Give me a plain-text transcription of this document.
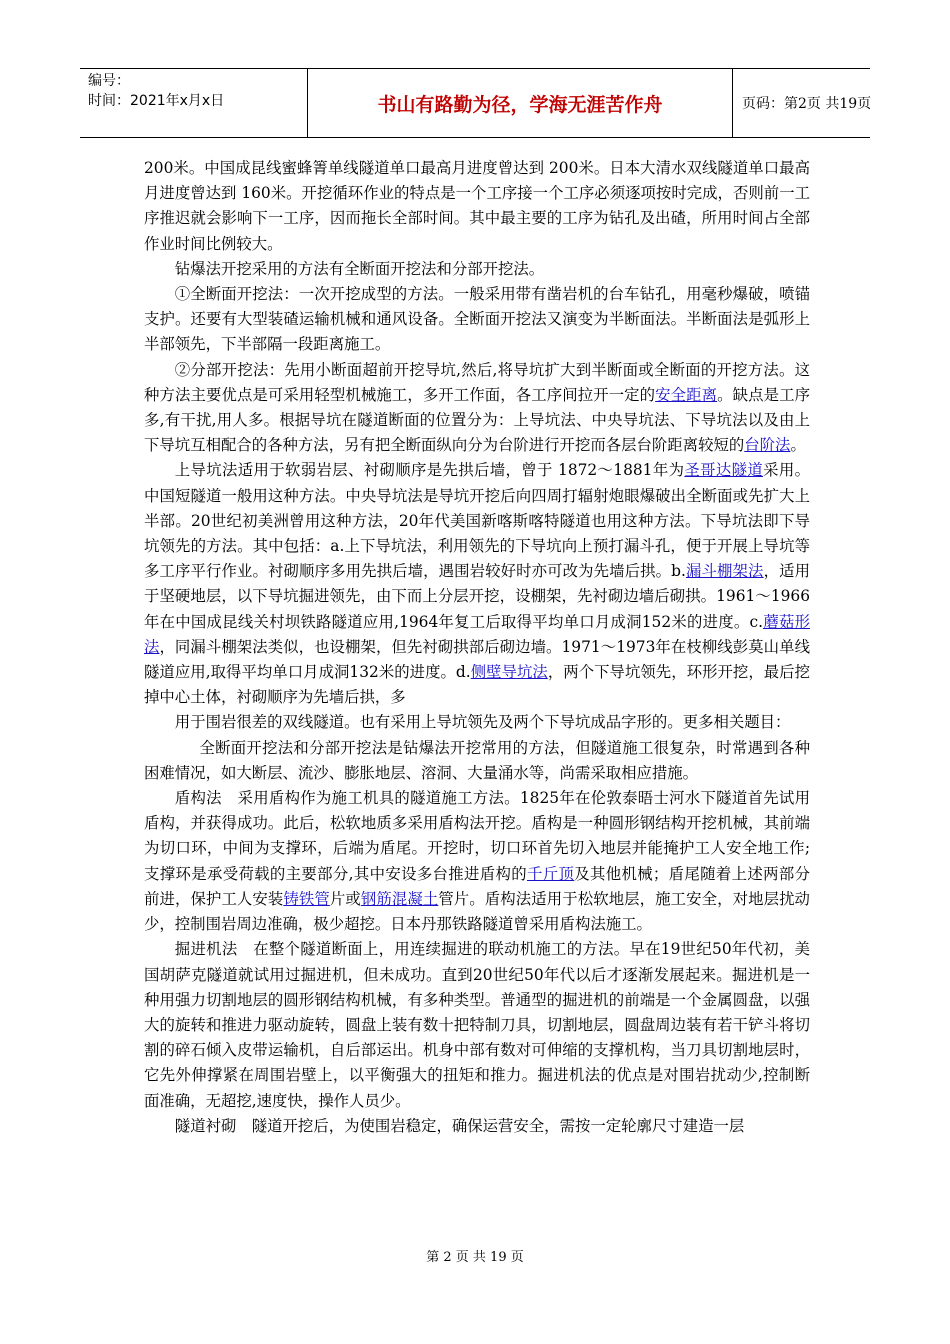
编号：
时间：2021年x月x日	书山有路勤为径，学海无涯苦作舟	页码：第2页 共19页

200米。中国成昆线蜜蜂箐单线隧道单口最高月进度曾达到 200米。日本大清水双线隧道单口最高月进度曾达到 160米。开挖循环作业的特点是一个工序接一个工序必须逐项按时完成，否则前一工序推迟就会影响下一工序，因而拖长全部时间。其中最主要的工序为钻孔及出碴，所用时间占全部作业时间比例较大。

钻爆法开挖采用的方法有全断面开挖法和分部开挖法。

①全断面开挖法：一次开挖成型的方法。一般采用带有凿岩机的台车钻孔，用毫秒爆破，喷锚支护。还要有大型装碴运输机械和通风设备。全断面开挖法又演变为半断面法。半断面法是弧形上半部领先，下半部隔一段距离施工。

②分部开挖法：先用小断面超前开挖导坑,然后,将导坑扩大到半断面或全断面的开挖方法。这种方法主要优点是可采用轻型机械施工，多开工作面，各工序间拉开一定的安全距离。缺点是工序多,有干扰,用人多。根据导坑在隧道断面的位置分为：上导坑法、中央导坑法、下导坑法以及由上下导坑互相配合的各种方法，另有把全断面纵向分为台阶进行开挖而各层台阶距离较短的台阶法。

上导坑法适用于软弱岩层、衬砌顺序是先拱后墙，曾于 1872～1881年为圣哥达隧道采用。中国短隧道一般用这种方法。中央导坑法是导坑开挖后向四周打辐射炮眼爆破出全断面或先扩大上半部。20世纪初美洲曾用这种方法，20年代美国新喀斯喀特隧道也用这种方法。下导坑法即下导坑领先的方法。其中包括：a.上下导坑法，利用领先的下导坑向上预打漏斗孔，便于开展上导坑等多工序平行作业。衬砌顺序多用先拱后墙，遇围岩较好时亦可改为先墙后拱。b.漏斗棚架法，适用于坚硬地层，以下导坑掘进领先，由下而上分层开挖，设棚架，先衬砌边墙后砌拱。1961～1966年在中国成昆线关村坝铁路隧道应用,1964年复工后取得平均单口月成洞152米的进度。c.蘑菇形法，同漏斗棚架法类似，也设棚架，但先衬砌拱部后砌边墙。1971～1973年在枝柳线彭莫山单线隧道应用,取得平均单口月成洞132米的进度。d.侧壁导坑法，两个下导坑领先，环形开挖，最后挖掉中心土体，衬砌顺序为先墙后拱，多

用于围岩很差的双线隧道。也有采用上导坑领先及两个下导坑成品字形的。更多相关题目：

全断面开挖法和分部开挖法是钻爆法开挖常用的方法，但隧道施工很复杂，时常遇到各种困难情况，如大断层、流沙、膨胀地层、溶洞、大量涌水等，尚需采取相应措施。

盾构法　采用盾构作为施工机具的隧道施工方法。1825年在伦敦泰晤士河水下隧道首先试用盾构，并获得成功。此后，松软地质多采用盾构法开挖。盾构是一种圆形钢结构开挖机械，其前端为切口环，中间为支撑环，后端为盾尾。开挖时，切口环首先切入地层并能掩护工人安全地工作;支撑环是承受荷载的主要部分,其中安设多台推进盾构的千斤顶及其他机械；盾尾随着上述两部分前进，保护工人安装铸铁管片或钢筋混凝土管片。盾构法适用于松软地层，施工安全，对地层扰动少，控制围岩周边准确，极少超挖。日本丹那铁路隧道曾采用盾构法施工。

掘进机法　在整个隧道断面上，用连续掘进的联动机施工的方法。早在19世纪50年代初，美国胡萨克隧道就试用过掘进机，但未成功。直到20世纪50年代以后才逐渐发展起来。掘进机是一种用强力切割地层的圆形钢结构机械，有多种类型。普通型的掘进机的前端是一个金属圆盘，以强大的旋转和推进力驱动旋转，圆盘上装有数十把特制刀具，切割地层，圆盘周边装有若干铲斗将切割的碎石倾入皮带运输机，自后部运出。机身中部有数对可伸缩的支撑机构，当刀具切割地层时，它先外伸撑紧在周围岩壁上，以平衡强大的扭矩和推力。掘进机法的优点是对围岩扰动少,控制断面准确，无超挖,速度快，操作人员少。

隧道衬砌　隧道开挖后，为使围岩稳定，确保运营安全，需按一定轮廓尺寸建造一层

第 2 页 共 19 页
